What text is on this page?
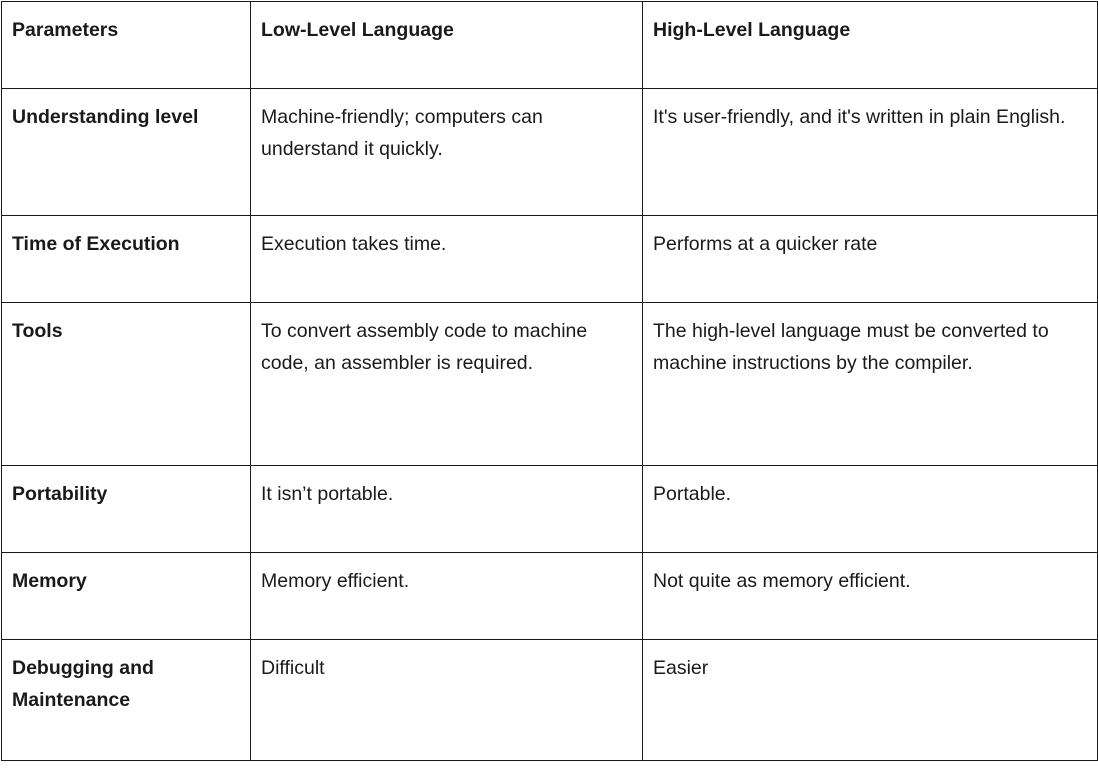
Parameters	Low-Level Language	High-Level Language
Understanding level	Machine-friendly; computers can understand it quickly.	It's user-friendly, and it's written in plain English.
Time of Execution	Execution takes time.	Performs at a quicker rate
Tools	To convert assembly code to machine code, an assembler is required.	The high-level language must be converted to machine instructions by the compiler.
Portability	It isn’t portable.	Portable.
Memory	Memory efficient.	Not quite as memory efficient.
Debugging and Maintenance	Difficult	Easier
